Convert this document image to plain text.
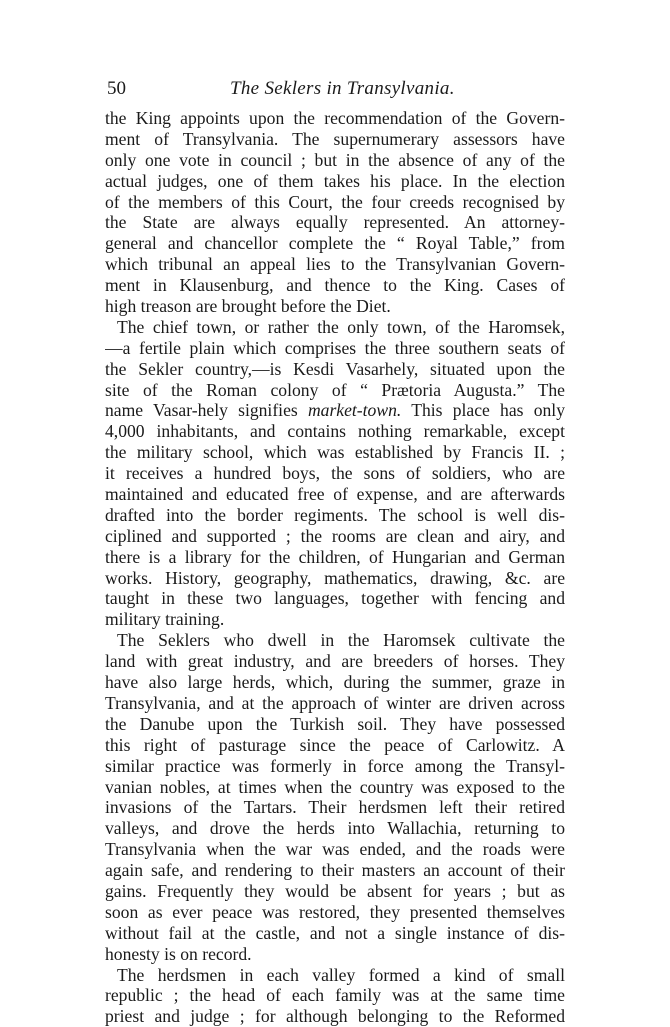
50	The Seklers in Transylvania.
the King appoints upon the recommendation of the Govern-
ment of Transylvania. The supernumerary assessors have
only one vote in council ; but in the absence of any of the
actual judges, one of them takes his place. In the election
of the members of this Court, the four creeds recognised by
the State are always equally represented. An attorney-
general and chancellor complete the “ Royal Table,” from
which tribunal an appeal lies to the Transylvanian Govern-
ment in Klausenburg, and thence to the King. Cases of
high treason are brought before the Diet.
The chief town, or rather the only town, of the Haromsek,
—a fertile plain which comprises the three southern seats of
the Sekler country,—is Kesdi Vasarhely, situated upon the
site of the Roman colony of “ Prætoria Augusta.” The
name Vasar-hely signifies market-town. This place has only
4,000 inhabitants, and contains nothing remarkable, except
the military school, which was established by Francis II. ;
it receives a hundred boys, the sons of soldiers, who are
maintained and educated free of expense, and are afterwards
drafted into the border regiments. The school is well dis-
ciplined and supported ; the rooms are clean and airy, and
there is a library for the children, of Hungarian and German
works. History, geography, mathematics, drawing, &c. are
taught in these two languages, together with fencing and
military training.
The Seklers who dwell in the Haromsek cultivate the
land with great industry, and are breeders of horses. They
have also large herds, which, during the summer, graze in
Transylvania, and at the approach of winter are driven across
the Danube upon the Turkish soil. They have possessed
this right of pasturage since the peace of Carlowitz. A
similar practice was formerly in force among the Transyl-
vanian nobles, at times when the country was exposed to the
invasions of the Tartars. Their herdsmen left their retired
valleys, and drove the herds into Wallachia, returning to
Transylvania when the war was ended, and the roads were
again safe, and rendering to their masters an account of their
gains. Frequently they would be absent for years ; but as
soon as ever peace was restored, they presented themselves
without fail at the castle, and not a single instance of dis-
honesty is on record.
The herdsmen in each valley formed a kind of small
republic ; the head of each family was at the same time
priest and judge ; for although belonging to the Reformed
